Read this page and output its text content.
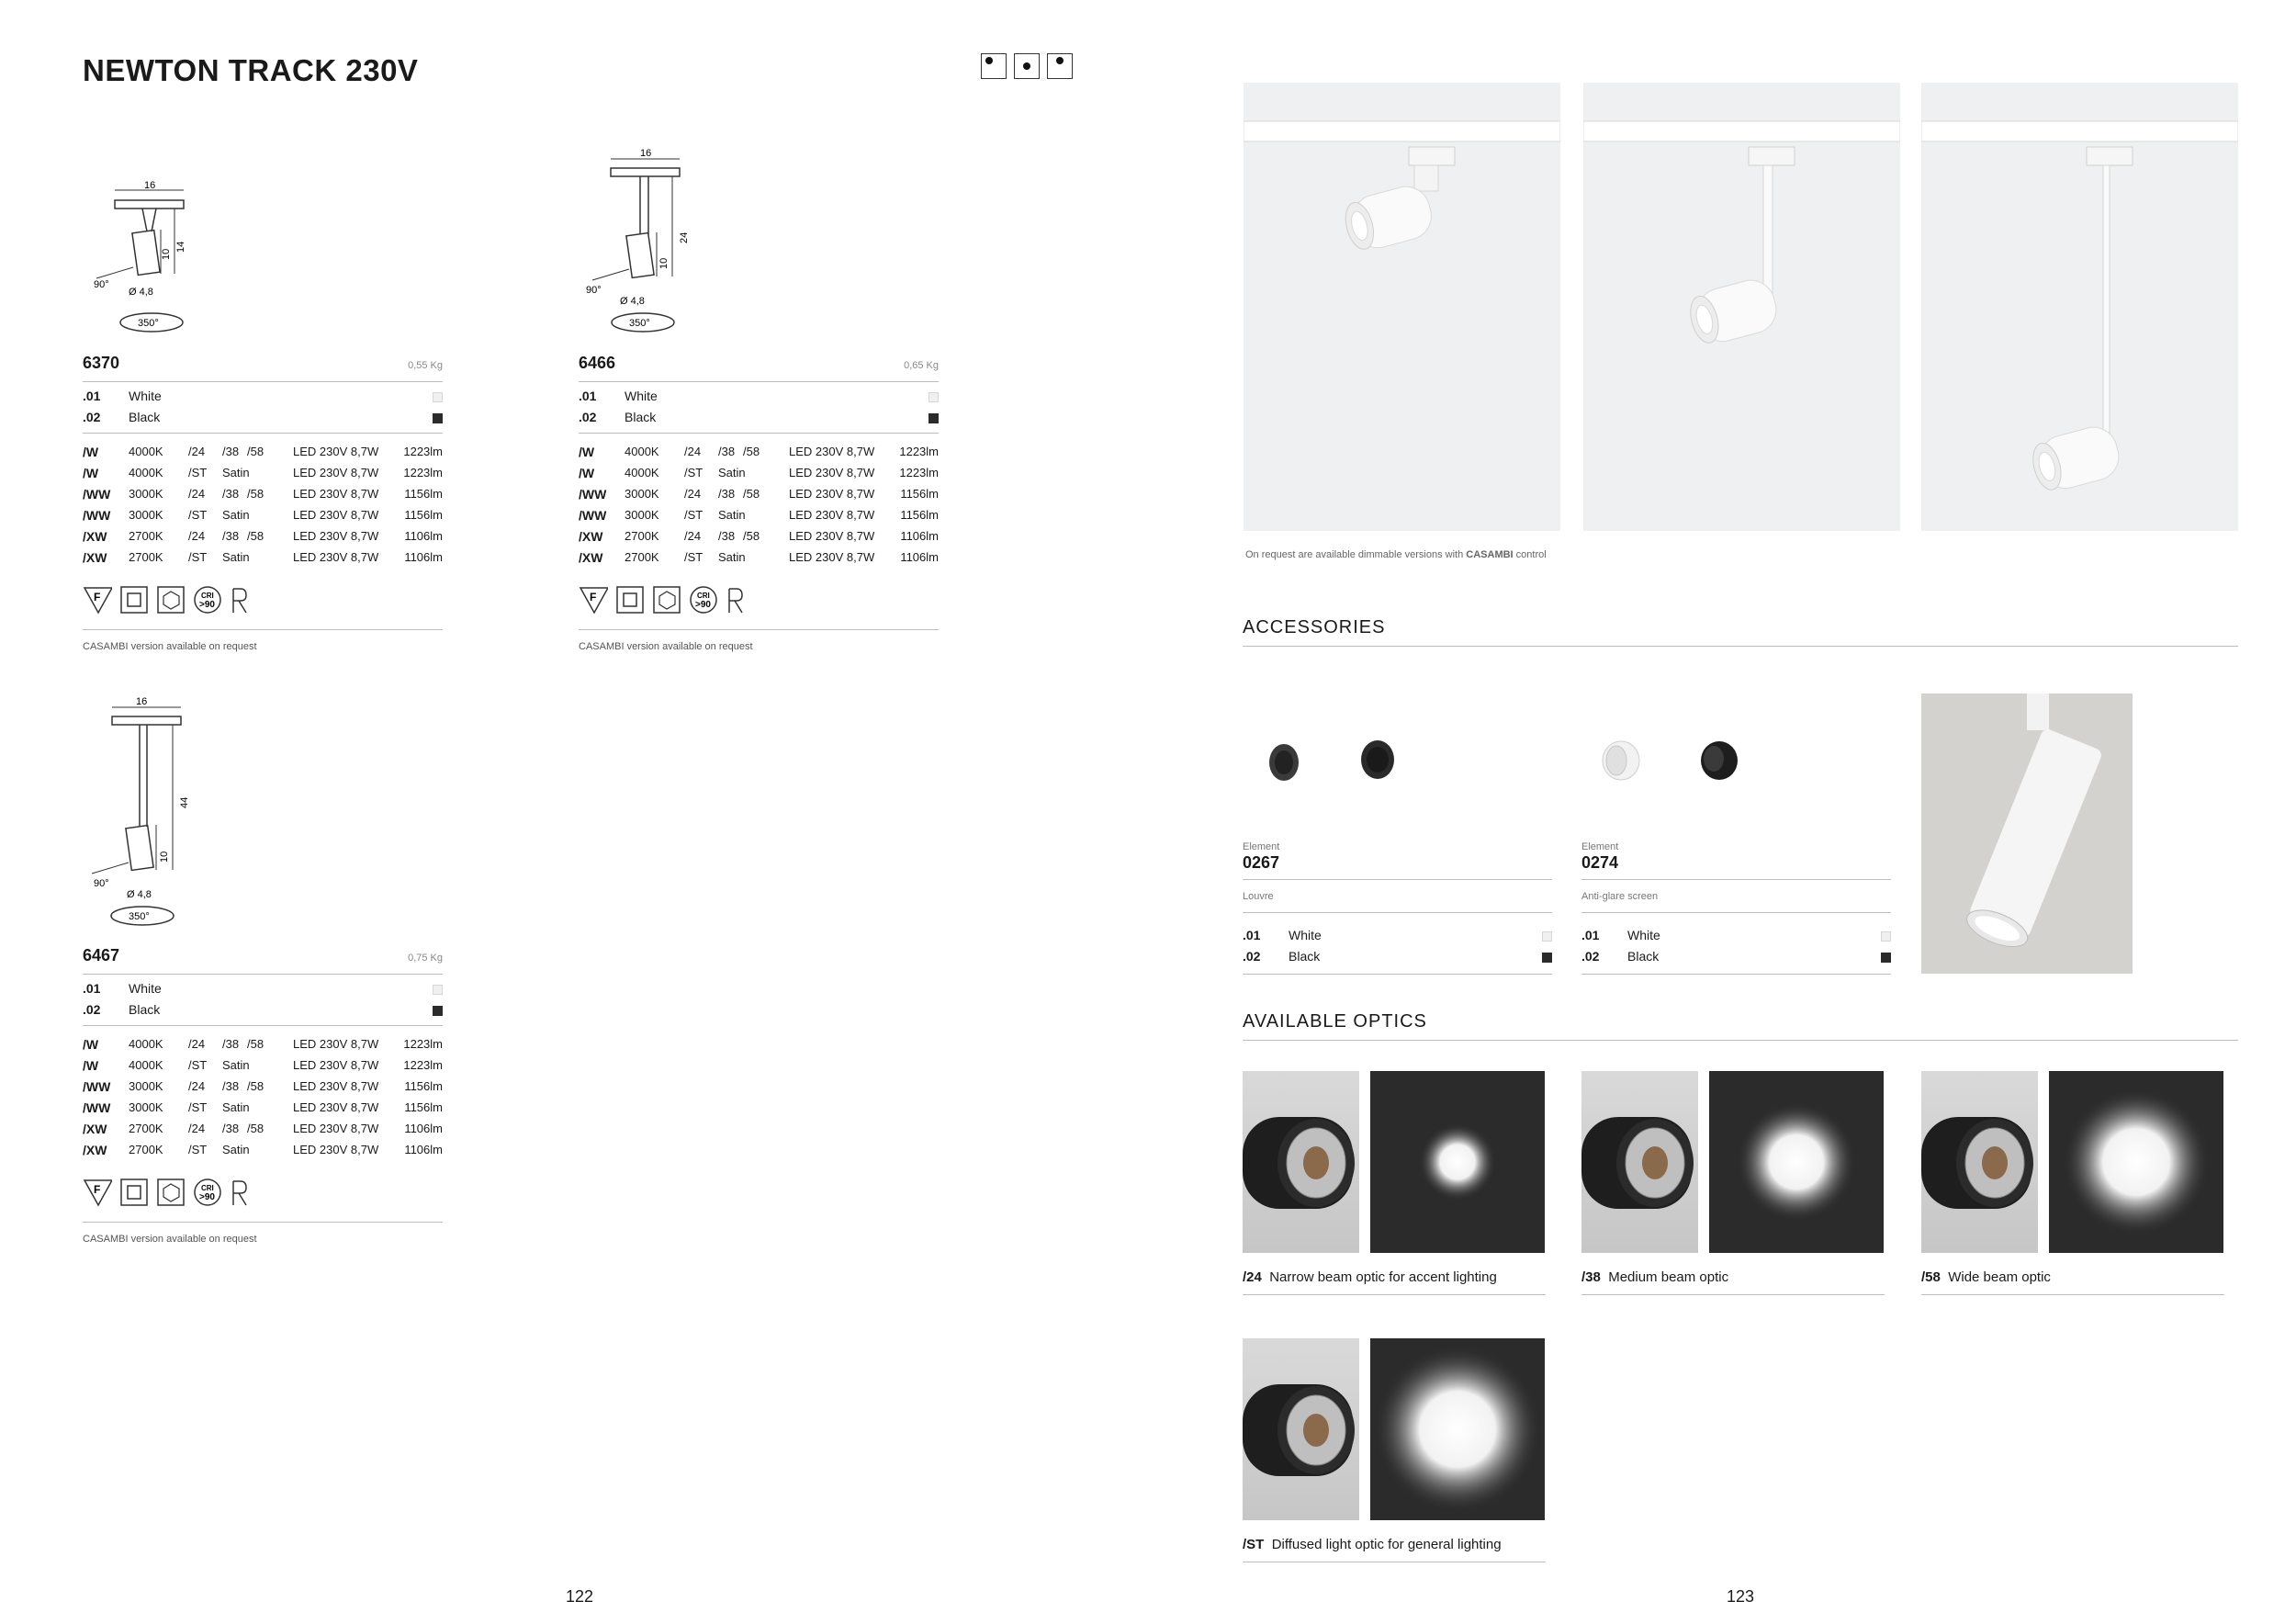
NEWTON TRACK 230V
16
10
14
90°
Ø 4,8
350°
16
10
24
90°
Ø 4,8
350°
16
10
44
90°
Ø 4,8
350°
6370	0,55 Kg
.01 White
.02 Black
/W	4000K /24 /38 /58 LED 230V 8,7W 1223lm
/W	4000K /ST Satin	LED 230V 8,7W 1223lm
/WW 3000K /24 /38 /58 LED 230V 8,7W 1156lm
/WW 3000K /ST Satin	LED 230V 8,7W 1156lm
/XW 2700K /24 /38 /58 LED 230V 8,7W 1106lm
/XW 2700K /ST Satin	LED 230V 8,7W 1106lm
F	CRI
>90
CASAMBI version available on request
6466	0,65 Kg
.01 White
.02 Black
/W	4000K /24 /38 /58 LED 230V 8,7W 1223lm
/W	4000K /ST Satin	LED 230V 8,7W 1223lm
/WW 3000K /24 /38 /58 LED 230V 8,7W 1156lm
/WW 3000K /ST Satin	LED 230V 8,7W 1156lm
/XW 2700K /24 /38 /58 LED 230V 8,7W 1106lm
/XW 2700K /ST Satin	LED 230V 8,7W 1106lm
F	CRI
>90
CASAMBI version available on request
6467	0,75 Kg
.01 White
.02 Black
/W	4000K /24 /38 /58 LED 230V 8,7W 1223lm
/W	4000K /ST Satin	LED 230V 8,7W 1223lm
/WW 3000K /24 /38 /58 LED 230V 8,7W 1156lm
/WW 3000K /ST Satin	LED 230V 8,7W 1156lm
/XW 2700K /24 /38 /58 LED 230V 8,7W 1106lm
/XW 2700K /ST Satin	LED 230V 8,7W 1106lm
F	CRI
>90
CASAMBI version available on request
122
On request are available dimmable versions with CASAMBI control
ACCESSORIES
Element
0267
Louvre
.01 White
.02 Black
Element
0274
Anti-glare screen
.01 White
.02 Black
AVAILABLE OPTICS
/24 Narrow beam optic for accent lighting	/38 Medium beam optic	/58 Wide beam optic
/ST Diffused light optic for general lighting
123
